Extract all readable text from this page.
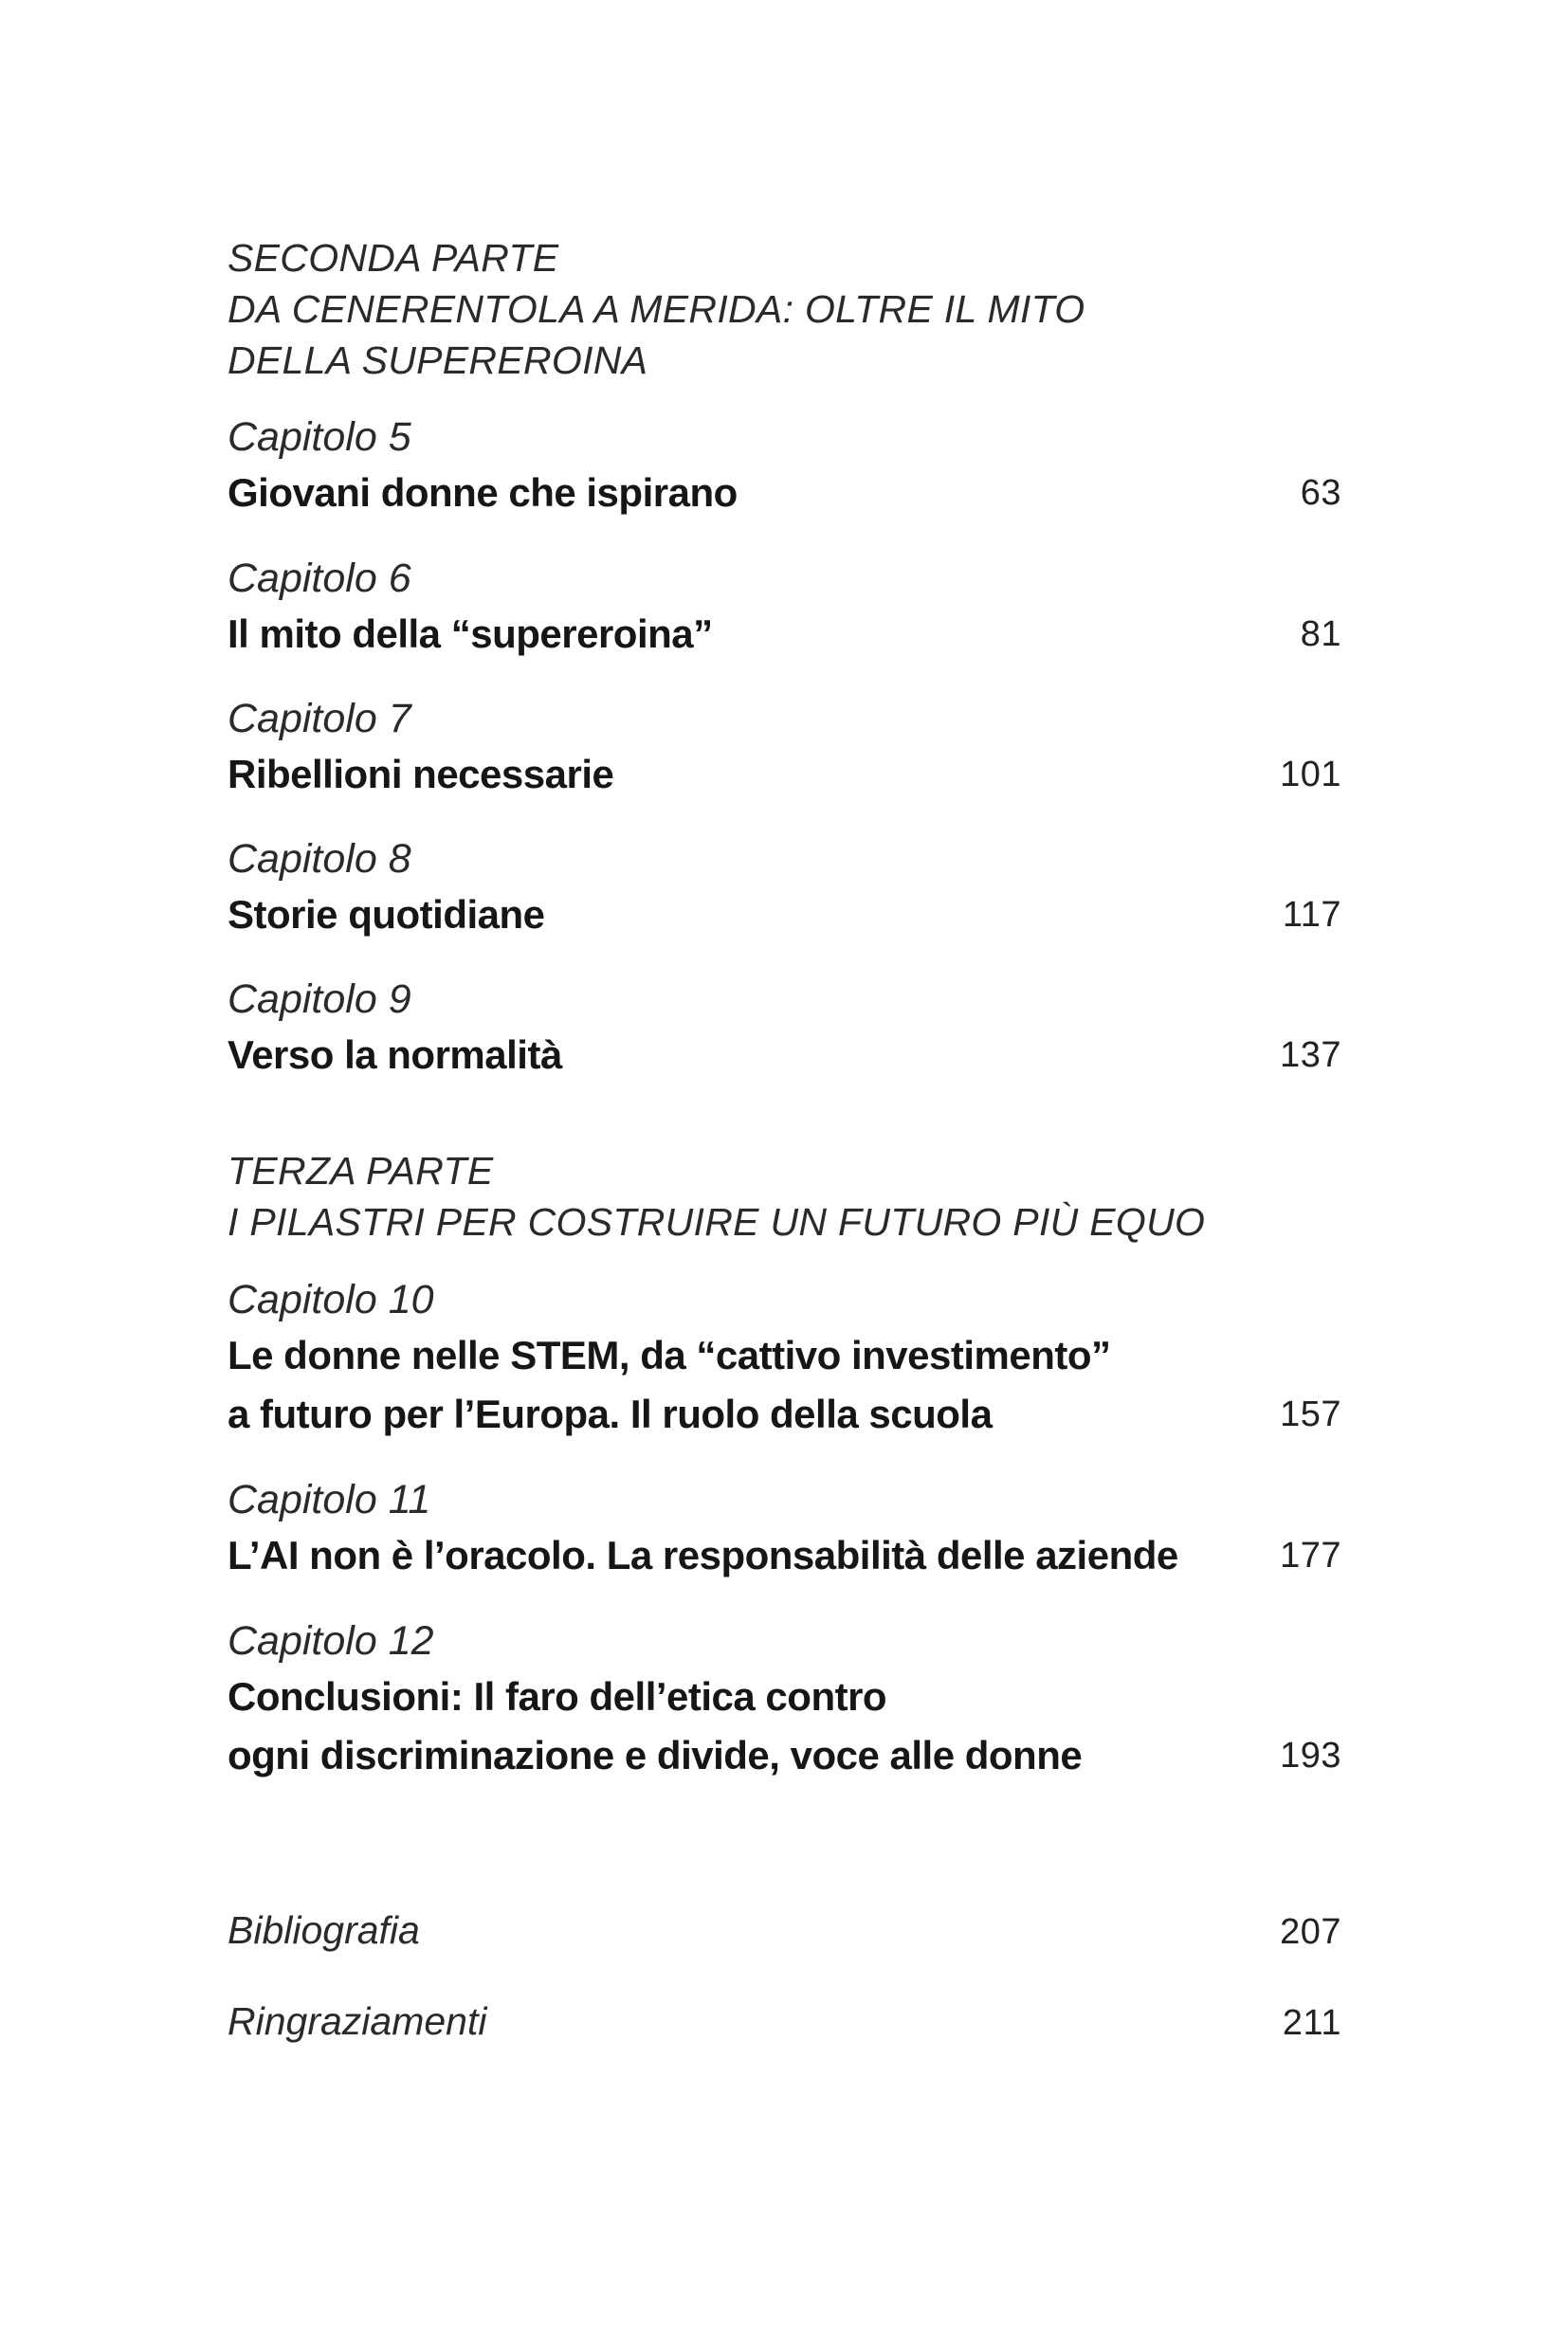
SECONDA PARTE
DA CENERENTOLA A MERIDA: OLTRE IL MITO
DELLA SUPEREROINA
Capitolo 5
Giovani donne che ispirano	63
Capitolo 6
Il mito della “supereroina”	81
Capitolo 7
Ribellioni necessarie	101
Capitolo 8
Storie quotidiane	117
Capitolo 9
Verso la normalità	137
TERZA PARTE
I PILASTRI PER COSTRUIRE UN FUTURO PIÙ EQUO
Capitolo 10
Le donne nelle STEM, da “cattivo investimento”
a futuro per l’Europa. Il ruolo della scuola	157
Capitolo 11
L’AI non è l’oracolo. La responsabilità delle aziende	177
Capitolo 12
Conclusioni: Il faro dell’etica contro
ogni discriminazione e divide, voce alle donne	193
Bibliografia	207
Ringraziamenti	211
